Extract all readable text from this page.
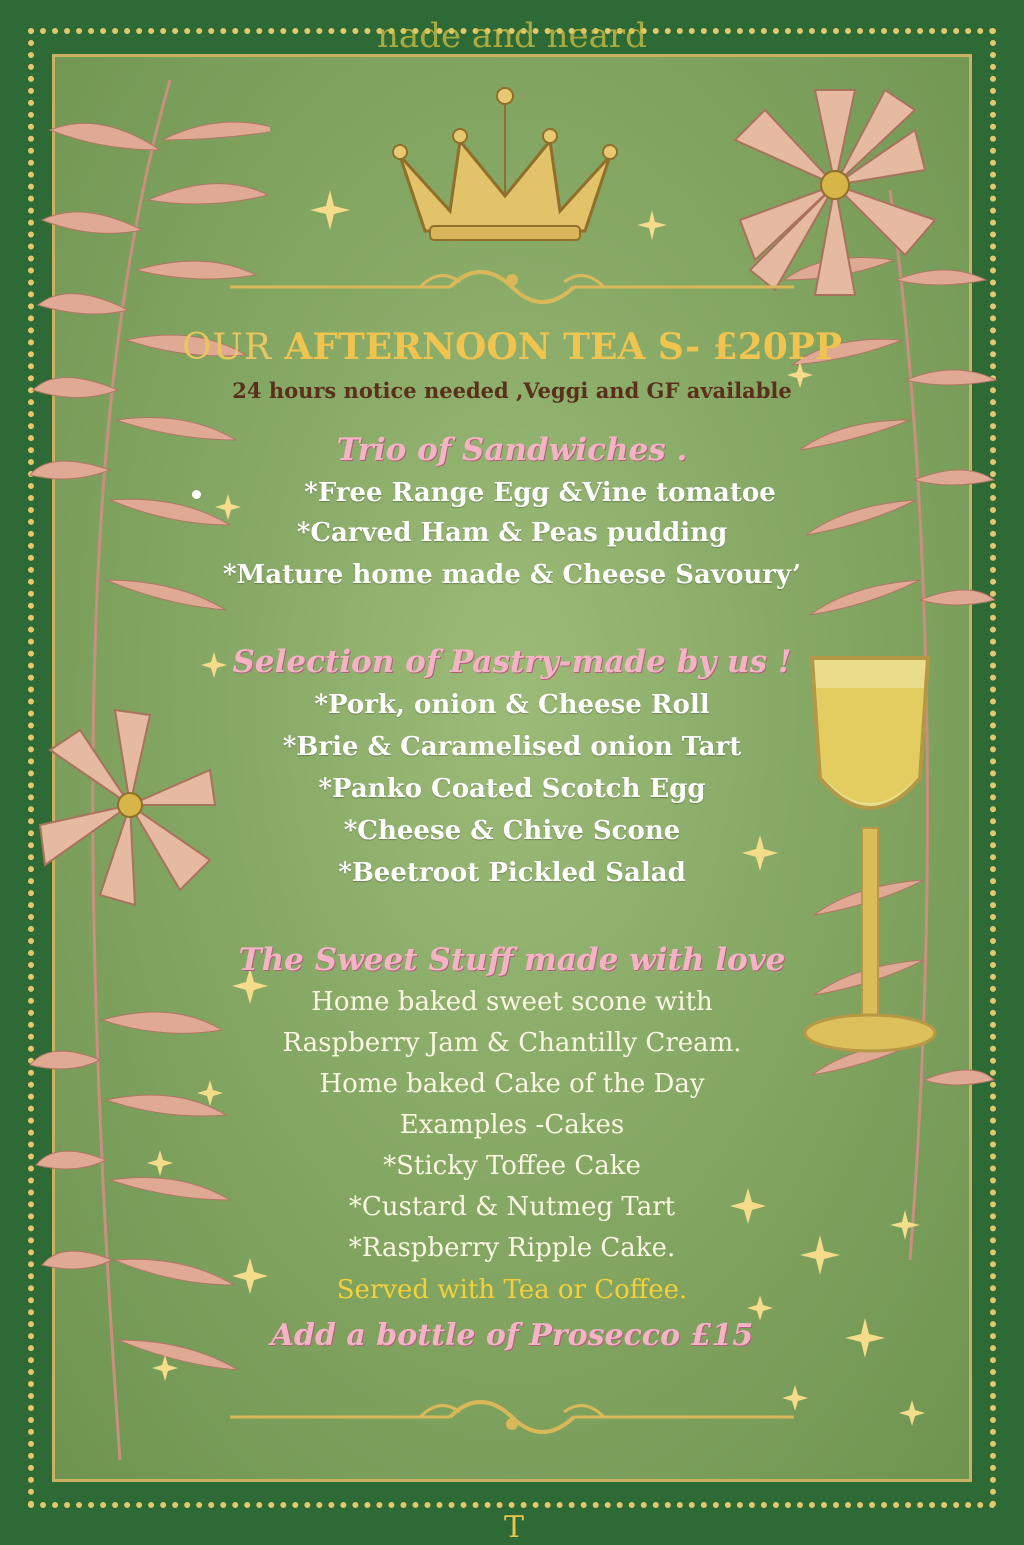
nade and neard
OUR AFTERNOON TEA S- £20PP
24 hours notice needed ,Veggi and GF available
Trio of Sandwiches .
*Free Range Egg &Vine tomatoe
*Carved Ham & Peas pudding
*Mature home made & Cheese Savoury’
Selection of Pastry-made by us !
*Pork, onion & Cheese Roll
*Brie & Caramelised onion Tart
*Panko Coated Scotch Egg
*Cheese & Chive Scone
*Beetroot Pickled Salad
The Sweet Stuff made with love
Home baked sweet scone with
Raspberry Jam & Chantilly Cream.
Home baked Cake of the Day
Examples -Cakes
*Sticky Toffee Cake
*Custard & Nutmeg Tart
*Raspberry Ripple Cake.
Served with Tea or Coffee.
Add a bottle of Prosecco £15
T
